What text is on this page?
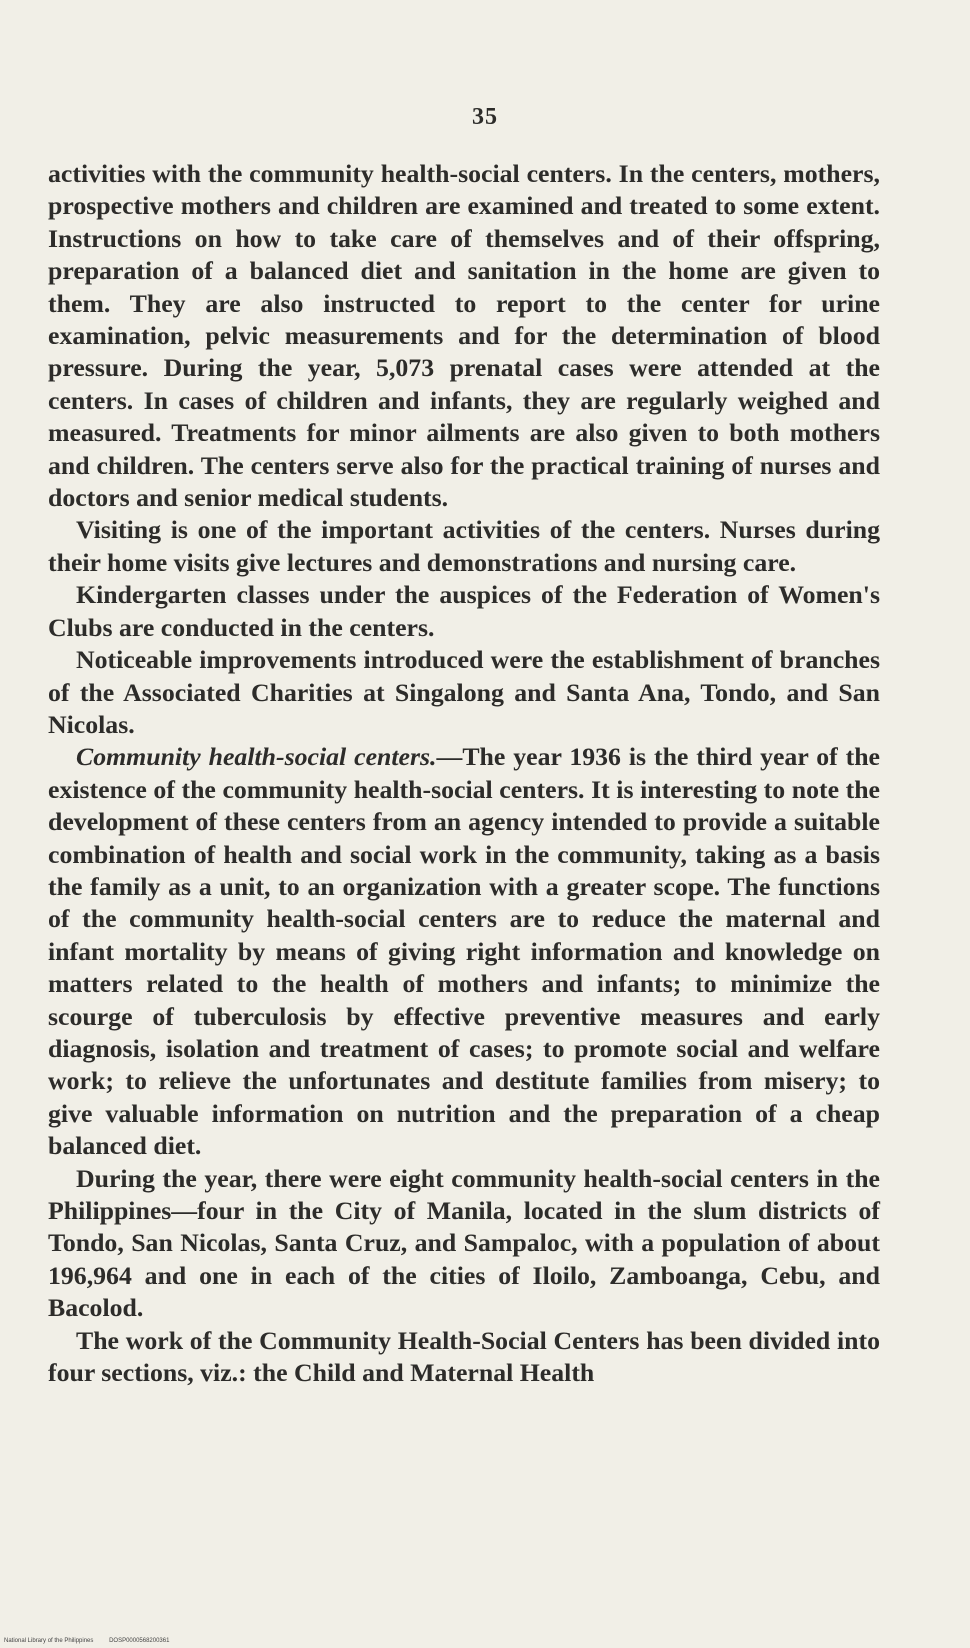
35

activities with the community health-social centers. In the centers, mothers, prospective mothers and children are examined and treated to some extent. Instructions on how to take care of themselves and of their offspring, preparation of a balanced diet and sanitation in the home are given to them. They are also instructed to report to the center for urine examination, pelvic measurements and for the determination of blood pressure. During the year, 5,073 prenatal cases were attended at the centers. In cases of children and infants, they are regularly weighed and measured. Treatments for minor ailments are also given to both mothers and children. The centers serve also for the practical training of nurses and doctors and senior medical students.

Visiting is one of the important activities of the centers. Nurses during their home visits give lectures and demonstrations and nursing care.

Kindergarten classes under the auspices of the Federation of Women's Clubs are conducted in the centers.

Noticeable improvements introduced were the establishment of branches of the Associated Charities at Singalong and Santa Ana, Tondo, and San Nicolas.

Community health-social centers.—The year 1936 is the third year of the existence of the community health-social centers. It is interesting to note the development of these centers from an agency intended to provide a suitable combination of health and social work in the community, taking as a basis the family as a unit, to an organization with a greater scope. The functions of the community health-social centers are to reduce the maternal and infant mortality by means of giving right information and knowledge on matters related to the health of mothers and infants; to minimize the scourge of tuberculosis by effective preventive measures and early diagnosis, isolation and treatment of cases; to promote social and welfare work; to relieve the unfortunates and destitute families from misery; to give valuable information on nutrition and the preparation of a cheap balanced diet.

During the year, there were eight community health-social centers in the Philippines—four in the City of Manila, located in the slum districts of Tondo, San Nicolas, Santa Cruz, and Sampaloc, with a population of about 196,964 and one in each of the cities of Iloilo, Zamboanga, Cebu, and Bacolod.

The work of the Community Health-Social Centers has been divided into four sections, viz.: the Child and Maternal Health

National Library of the Philippines	DOSP0000568200361
